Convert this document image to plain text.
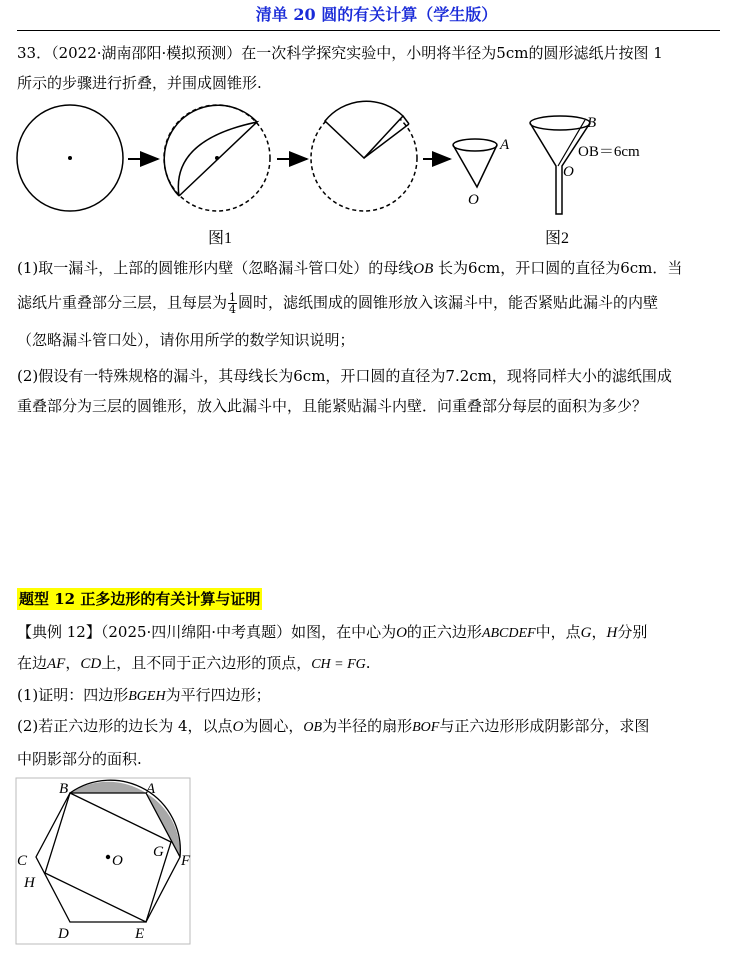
清单 20 圆的有关计算（学生版）
33．（2022·湖南邵阳·模拟预测）在一次科学探究实验中，小明将半径为5cm的圆形滤纸片按图 1
所示的步骤进行折叠，并围成圆锥形.
A
O
B
OB＝6cm
O
图1	图2
(1)取一漏斗，上部的圆锥形内壁（忽略漏斗管口处）的母线OB 长为6cm，开口圆的直径为6cm．当
滤纸片重叠部分三层，且每层为 $\frac{1}{4}$ 圆时，滤纸围成的圆锥形放入该漏斗中，能否紧贴此漏斗的内壁
（忽略漏斗管口处），请你用所学的数学知识说明；
(2)假设有一特殊规格的漏斗，其母线长为6cm，开口圆的直径为7.2cm，现将同样大小的滤纸围成
重叠部分为三层的圆锥形，放入此漏斗中，且能紧贴漏斗内壁．问重叠部分每层的面积为多少？
题型 12 正多边形的有关计算与证明
【典例 12】（2025·四川绵阳·中考真题）如图，在中心为O的正六边形ABCDEF中，点G，H分别
在边AF，CD上，且不同于正六边形的顶点，CH = FG.
(1)证明：四边形BGEH为平行四边形；
(2)若正六边形的边长为 4，以点O为圆心，OB为半径的扇形BOF与正六边形形成阴影部分，求图
中阴影部分的面积.
B	A
C
H
D	E
F
G
O
